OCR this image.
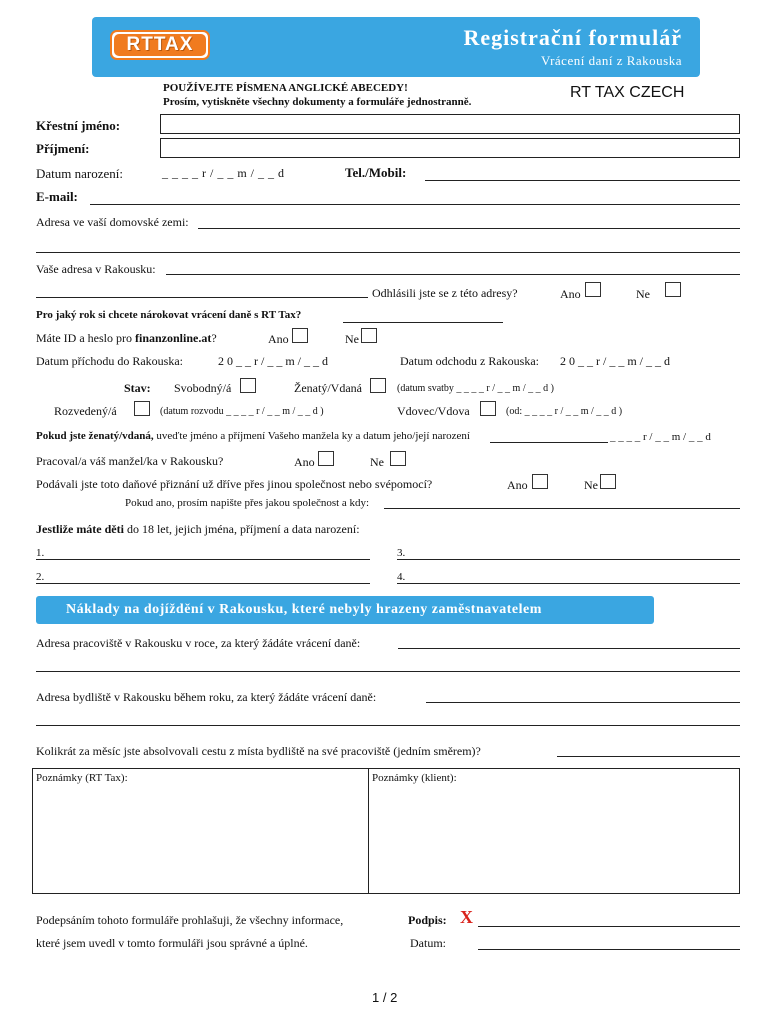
Registrační formulář
Vrácení daní z Rakouska
RTTAX
POUŽÍVEJTE PÍSMENA ANGLICKÉ ABECEDY!
Prosím, vytiskněte všechny dokumenty a formuláře jednostranně.
RT TAX CZECH
Křestní jméno:
Příjmení:
Datum narození:	_ _ _ _ r / _ _ m / _ _ d	Tel./Mobil:
E-mail:
Adresa ve vaší domovské zemi:
Vaše adresa v Rakousku:
Odhlásili jste se z této adresy?	Ano	Ne
Pro jaký rok si chcete nárokovat vrácení daně s RT Tax?
Máte ID a heslo pro finanzonline.at?	Ano	Ne
Datum příchodu do Rakouska:	2 0 _ _ r / _ _ m / _ _ d	Datum odchodu z Rakouska: 2 0 _ _ r / _ _ m / _ _ d
Stav: Svobodný/á	Ženatý/Vdaná	(datum svatby _ _ _ _ r / _ _ m / _ _ d )
Rozvedený/á	(datum rozvodu _ _ _ _ r / _ _ m / _ _ d )	Vdovec/Vdova	(od: _ _ _ _ r / _ _ m / _ _ d )
Pokud jste ženatý/vdaná, uveďte jméno a příjmení Vašeho manžela ky a datum jeho/její narození	_ _ _ _ r / _ _ m / _ _ d
Pracoval/a váš manžel/ka v Rakousku?	Ano	Ne
Podávali jste toto daňové přiznání už dříve přes jinou společnost nebo svépomocí?	Ano	Ne
Pokud ano, prosím napište přes jakou společnost a kdy:
Jestliže máte děti do 18 let, jejich jména, příjmení a data narození:
1.	3.
2.	4.
Náklady na dojíždění v Rakousku, které nebyly hrazeny zaměstnavatelem
Adresa pracoviště v Rakousku v roce, za který žádáte vrácení daně:
Adresa bydliště v Rakousku během roku, za který žádáte vrácení daně:
Kolikrát za měsíc jste absolvovali cestu z místa bydliště na své pracoviště (jedním směrem)?
Poznámky (RT Tax):	Poznámky (klient):
Podepsáním tohoto formuláře prohlašuji, že všechny informace,
které jsem uvedl v tomto formuláři jsou správné a úplné.
Podpis: X
Datum:
1 / 2
